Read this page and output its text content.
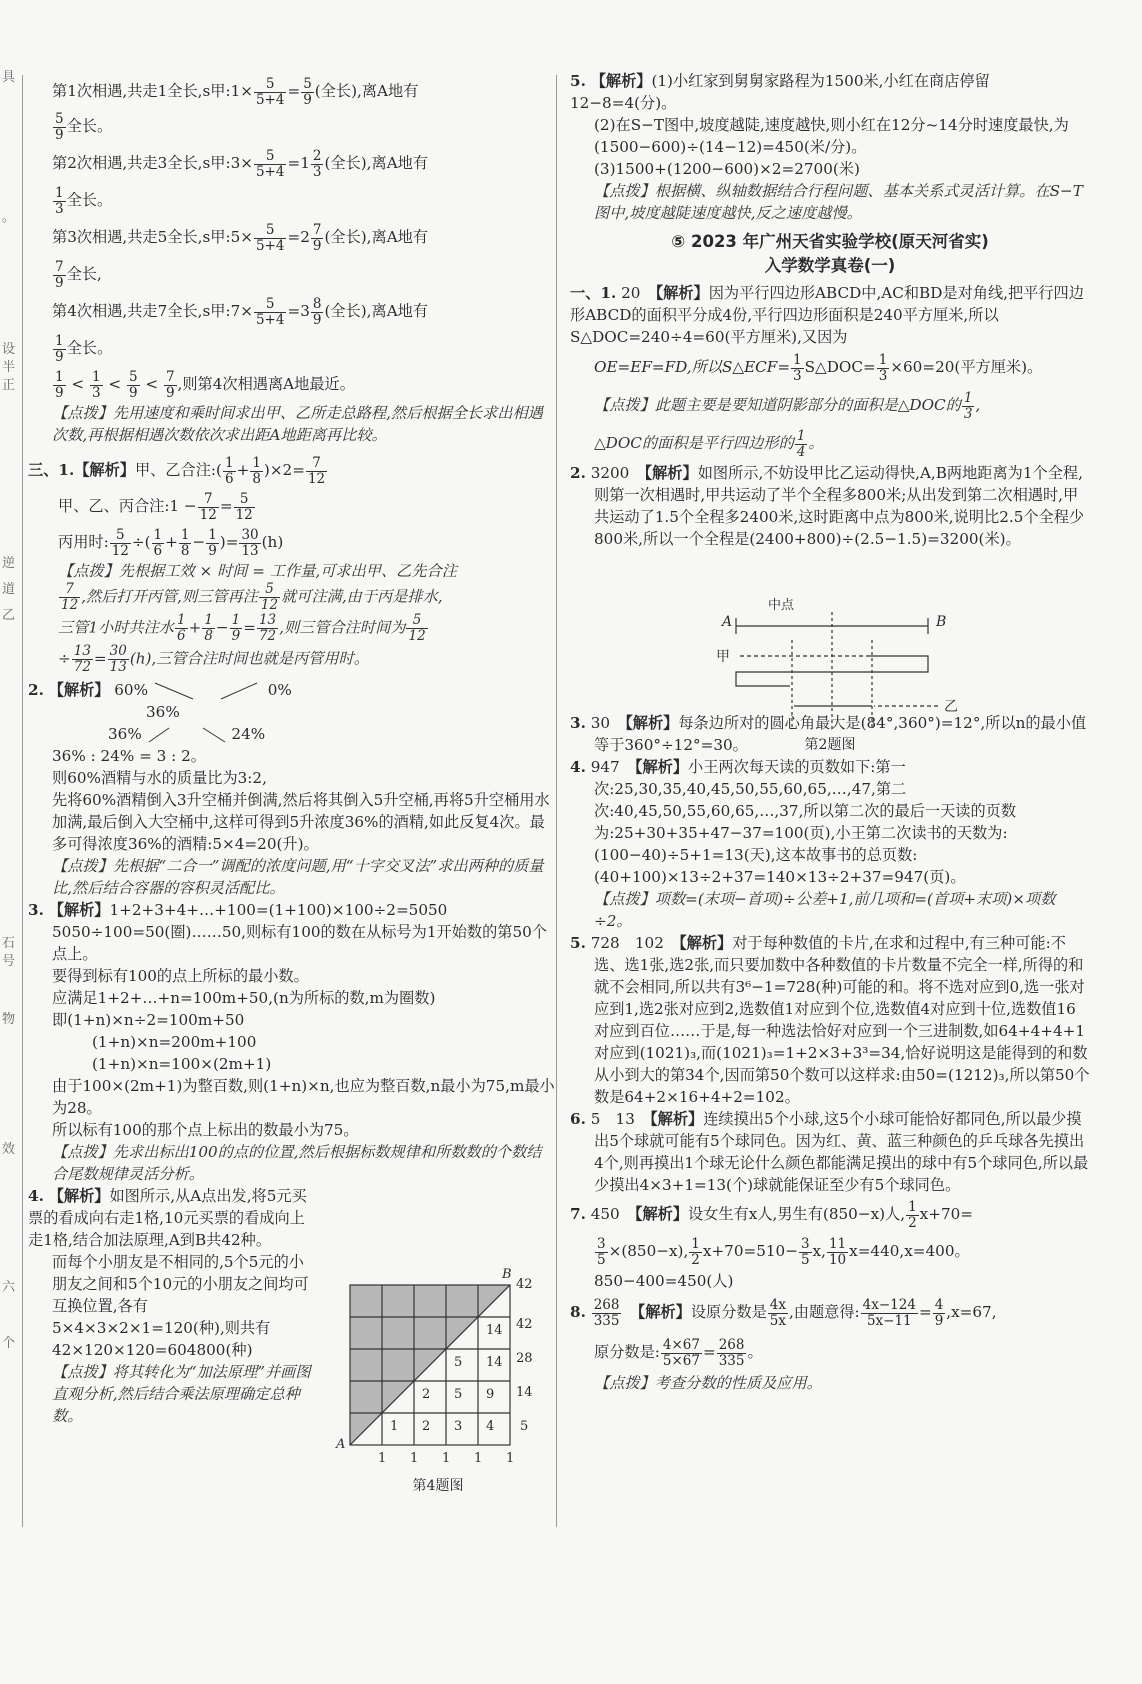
具
。
设
半
正
逆
道
乙
石
号
物
效
六
个
第1次相遇,共走1全长,s甲:1× $\frac{5}{5+4} = \frac{5}{9}$ (全长),离A地有
$\frac{5}{9}$ 全长。
第2次相遇,共走3全长,s甲:3× $\frac{5}{5+4} =1 \frac{2}{3}$ (全长),离A地有
$\frac{1}{3}$ 全长。
第3次相遇,共走5全长,s甲:5× $\frac{5}{5+4} =2 \frac{7}{9}$ (全长),离A地有
$\frac{7}{9}$ 全长,
第4次相遇,共走7全长,s甲:7× $\frac{5}{5+4} =3 \frac{8}{9}$ (全长),离A地有
$\frac{1}{9}$ 全长。
$\frac{1}{9} < \frac{1}{3} < \frac{5}{9} < \frac{7}{9}$ ,则第4次相遇离A地最近。
【点拨】先用速度和乘时间求出甲、乙所走总路程,然后根据全长求出相遇次数,再根据相遇次数依次求出距A地距离再比较。
三、1.【解析】甲、乙合注:( $\frac{1}{6} + \frac{1}{8} )\times 2= \frac{7}{12}$
甲、乙、丙合注:1 − $\frac{7}{12} = \frac{5}{12}$
丙用时: $\frac{5}{12}$ ÷( $\frac{1}{6} + \frac{1}{8} - \frac{1}{9}$ )= $\frac{30}{13} (h)$
【点拨】先根据工效 × 时间 = 工作量,可求出甲、乙先合注

$\frac{7}{12}$ ,然后打开丙管,则三管再注 $\frac{5}{12}$ 就可注满,由于丙是排水,
三管1小时共注水 $\frac{1}{6} + \frac{1}{8} - \frac{1}{9} = \frac{13}{72}$ ,则三管合注时间为 $\frac{5}{12}$

÷ $\frac{13}{72} = \frac{30}{13} (h)$,三管合注时间也就是丙管用时。
2. 【解析】 60%	0%
36%
36%	24%
36% : 24% = 3 : 2。
则60%酒精与水的质量比为3:2,
先将60%酒精倒入3升空桶并倒满,然后将其倒入5升空桶,再将5升空桶用水加满,最后倒入大空桶中,这样可得到5升浓度36%的酒精,如此反复4次。最多可得浓度36%的酒精:5×4=20(升)。
【点拨】先根据“二合一”调配的浓度问题,用“十字交叉法”求出两种的质量比,然后结合容器的容积灵活配比。
3. 【解析】1+2+3+4+…+100=(1+100)×100÷2=5050
5050÷100=50(圈)……50,则标有100的数在从标号为1开始数的第50个点上。
要得到标有100的点上所标的最小数。
应满足1+2+…+n=100m+50,(n为所标的数,m为圈数)
即(1+n)×n÷2=100m+50
(1+n)×n=200m+100
(1+n)×n=100×(2m+1)
由于100×(2m+1)为整百数,则(1+n)×n,也应为整百数,n最小为75,m最小为28。
所以标有100的那个点上标出的数最小为75。
【点拨】先求出标出100的点的位置,然后根据标数规律和所数数的个数结合尾数规律灵活分析。
4. 【解析】如图所示,从A点出发,将5元买票的看成向右走1格,10元买票的看成向上走1格,结合加法原理,A到B共42种。
而每个小朋友是不相同的,5个5元的小朋友之间和5个10元的小朋友之间均可互换位置,各有5×4×3×2×1=120(种),则共有42×120×120=604800(种)
【点拨】将其转化为“加法原理”并画图直观分析,然后结合乘法原理确定总种数。
A
B
14
5 14
2 5 9
1 2 3 4
42
42
28
14
5
1 1 1 1 1
第4题图
5. 【解析】(1)小红家到舅舅家路程为1500米,小红在商店停留12−8=4(分)。
(2)在S−T图中,坡度越陡,速度越快,则小红在12分~14分时速度最快,为(1500−600)÷(14−12)=450(米/分)。
(3)1500+(1200−600)×2=2700(米)
【点拨】根据横、纵轴数据结合行程问题、基本关系式灵活计算。在S−T图中,坡度越陡速度越快,反之速度越慢。
⑤ 2023 年广州天省实验学校(原天河省实)
入学数学真卷(一)
一、1. 20　 【解析】因为平行四边形ABCD中,AC和BD是对角线,把平行四边形ABCD的面积平分成4份,平行四边形面积是240平方厘米,所以S△DOC=240÷4=60(平方厘米),又因为
OE=EF=FD,所以S△ECF= $\frac{1}{3}$ S△DOC= $\frac{1}{3} \times 60=20$(平方厘米)。
【点拨】此题主要是要知道阴影部分的面积是△DOC的 $\frac{1}{3}$ ,
△DOC的面积是平行四边形的 $\frac{1}{4}$ 。
2. 3200　 【解析】如图所示,不妨设甲比乙运动得快,A,B两地距离为1个全程,则第一次相遇时,甲共运动了半个全程多800米;从出发到第二次相遇时,甲共运动了1.5个全程多2400米,这时距离中点为800米,说明比2.5个全程少800米,所以一个全程是(2400+800)÷(2.5−1.5)=3200(米)。
3. 30　 【解析】每条边所对的圆心角最大是(84°,360°)=12°,所以n的最小值等于360°÷12°=30。
4. 947　 【解析】小王两次每天读的页数如下:第一次:25,30,35,40,45,50,55,60,65,…,47,第二次:40,45,50,55,60,65,…,37,所以第二次的最后一天读的页数为:25+30+35+47−37=100(页),小王第二次读书的天数为:(100−40)÷5+1=13(天),这本故事书的总页数:(40+100)×13÷2+37=140×13÷2+37=947(页)。
【点拨】项数=(末项−首项)÷公差+1,前几项和=(首项+末项)×项数÷2。
5. 728　102　 【解析】对于每种数值的卡片,在求和过程中,有三种可能:不选、选1张,选2张,而只要加数中各种数值的卡片数量不完全一样,所得的和就不会相同,所以共有3⁶−1=728(种)可能的和。将不选对应到0,选一张对应到1,选2张对应到2,选数值1对应到个位,选数值4对应到十位,选数值16对应到百位……于是,每一种选法恰好对应到一个三进制数,如64+4+4+1对应到(1021)₃,而(1021)₃=1+2×3+3³=34,恰好说明这是能得到的和数从小到大的第34个,因而第50个数可以这样求:由50=(1212)₃,所以第50个数是64+2×16+4+2=102。
6. 5　13　 【解析】连续摸出5个小球,这5个小球可能恰好都同色,所以最少摸出5个球就可能有5个球同色。因为红、黄、蓝三种颜色的乒乓球各先摸出4个,则再摸出1个球无论什么颜色都能满足摸出的球中有5个球同色,所以最少摸出4×3+1=13(个)球就能保证至少有5个球同色。
7. 450　 【解析】设女生有x人,男生有(850−x)人, $\frac{1}{2} x+70=$
$\frac{3}{5} \times(850-x)$, $\frac{1}{2} x+70=510- \frac{3}{5} x$, $\frac{11}{10} x=440,x=400$。
850−400=450(人)
8. $\frac{268}{335}$
　 【解析】设原分数是 $\frac{4x}{5x}$ ,由题意得: $\frac{4x-124}{5x-11} = \frac{4}{9} ,x=67$,
原分数是: $\frac{4\times 67}{5\times 67} = \frac{268}{335}$ 。
【点拨】考查分数的性质及应用。
中点
A	B
甲
乙
第2题图
